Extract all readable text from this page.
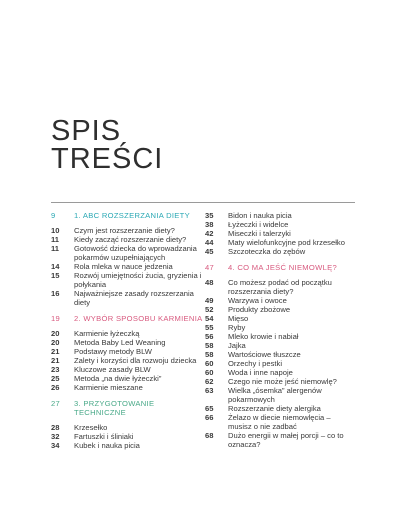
SPIS
TREŚCI
9	1. ABC ROZSZERZANIA DIETY
10	Czym jest rozszerzanie diety?
11	Kiedy zacząć rozszerzanie diety?
11	Gotowość dziecka do wprowadzania pokarmów uzupełniających
14	Rola mleka w nauce jedzenia
15	Rozwój umiejętności żucia, gryzienia i połykania
16	Najważniejsze zasady rozszerzania diety
19	2. WYBÓR SPOSOBU KARMIENIA
20	Karmienie łyżeczką
20	Metoda Baby Led Weaning
21	Podstawy metody BLW
21	Zalety i korzyści dla rozwoju dziecka
23	Kluczowe zasady BLW
25	Metoda „na dwie łyżeczki”
26	Karmienie mieszane
27	3. PRZYGOTOWANIE TECHNICZNE
28	Krzesełko
32	Fartuszki i śliniaki
34	Kubek i nauka picia
35	Bidon i nauka picia
38	Łyżeczki i widelce
42	Miseczki i talerzyki
44	Maty wielofunkcyjne pod krzesełko
45	Szczoteczka do zębów
47	4. CO MA JEŚĆ NIEMOWLĘ?
48	Co możesz podać od początku rozszerzania diety?
49	Warzywa i owoce
52	Produkty zbożowe
54	Mięso
55	Ryby
56	Mleko krowie i nabiał
58	Jajka
58	Wartościowe tłuszcze
60	Orzechy i pestki
60	Woda i inne napoje
62	Czego nie może jeść niemowlę?
63	Wielka „ósemka” alergenów pokarmowych
65	Rozszerzanie diety alergika
66	Żelazo w diecie niemowlęcia – musisz o nie zadbać
68	Dużo energii w małej porcji – co to oznacza?
